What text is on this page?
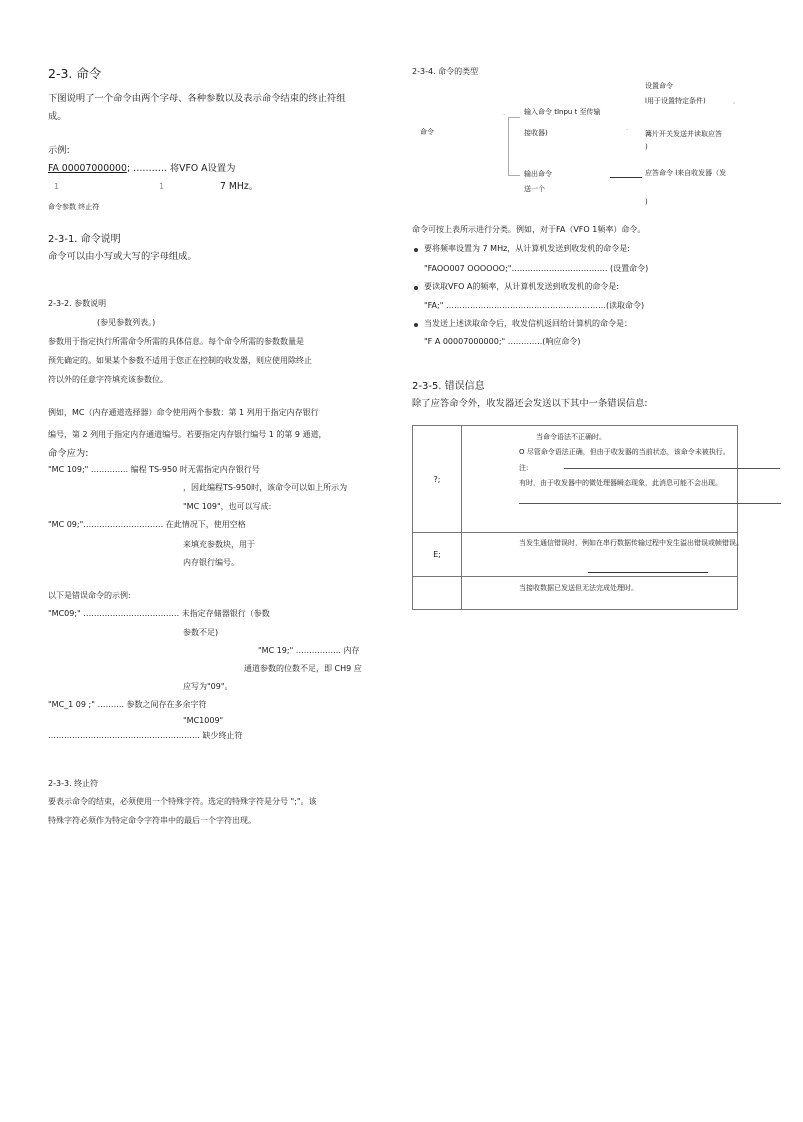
2-3. 命令
下图说明了一个命令由两个字母、各种参数以及表示命令结束的终止符组
成。
示例:
FA 00007000000 ; ……….. 将VFO A设置为
1	1	7 MHz。
命令参数 终止符
2-3-1. 命令说明
命令可以由小写或大写的字母组成。
2-3-2. 参数说明
(参见参数列表。)
参数用于指定执行所需命令所需的具体信息。每个命令所需的参数数量是
预先确定的。如果某个参数不适用于您正在控制的收发器，则应使用除终止
符以外的任意字符填充该参数位。
例如，MC（内存通道选择器）命令使用两个参数：第 1 列用于指定内存银行
编号，第 2 列用于指定内存通道编号。若要指定内存银行编号 1 的第 9 通道，
命令应为:
"MC 109;" ………….. 编程 TS-950 时无需指定内存银行号
，因此编程TS-950时，该命令可以如上所示为
"MC 109"，也可以写成:
"MC 09;"………………………… 在此情况下，使用空格
来填充参数块，用于
内存银行编号。
以下是错误命令的示例:
"MC09;" ……………………………… 未指定存储器银行（参数
参数不足)
"MC 19;" …………….. 内存
通道参数的位数不足，即 CH9 应
应写为"09"。
"MC_1 09 ;" ………. 参数之间存在多余字符
"MC1009"
………………………………………………… 缺少终止符
2-3-3. 终止符
要表示命令的结束，必须使用一个特殊字符。选定的特殊字符是分号 ";"。该
特殊字符必须作为特定命令字符串中的最后一个字符出现。
2-3-4. 命令的类型
命令
·	输入命令 tInpu t 至传输
接收器)
设置命令
l用于设置特定条件)	,
· 篝片开关发送并读取应答
)
输出命令
送一个
应答命令 l来自收发器（发
)
命令可按上表所示进行分类。例如，对于FA（VFO 1频率）命令。
要将频率设置为 7 MHz，从计算机发送到收发机的命令是:
"FAOO007 OOOOOO;"……………………………… (设置命令)
要读取VFO A的频率，从计算机发送到收发机的命令是:
"FA;" ……………………………………………………(读取命令)
当发送上述读取命令后，收发信机返回给计算机的命令是：
"F A 00007000000;" ………….(响应命令)
2-3-5. 错误信息
除了应答命令外，收发器还会发送以下其中一条错误信息:
?;	当命令语法不正确时。
O 尽管命令语法正确，但由于收发器的当前状态，该命令未被执行。
注:
有时，由于收发器中的微处理器瞬态现象，此消息可能不会出现。

E;	当发生通信错误时，例如在串行数据传输过程中发生溢出错误或帧错误。

	当接收数据已发送但无法完成处理时。
